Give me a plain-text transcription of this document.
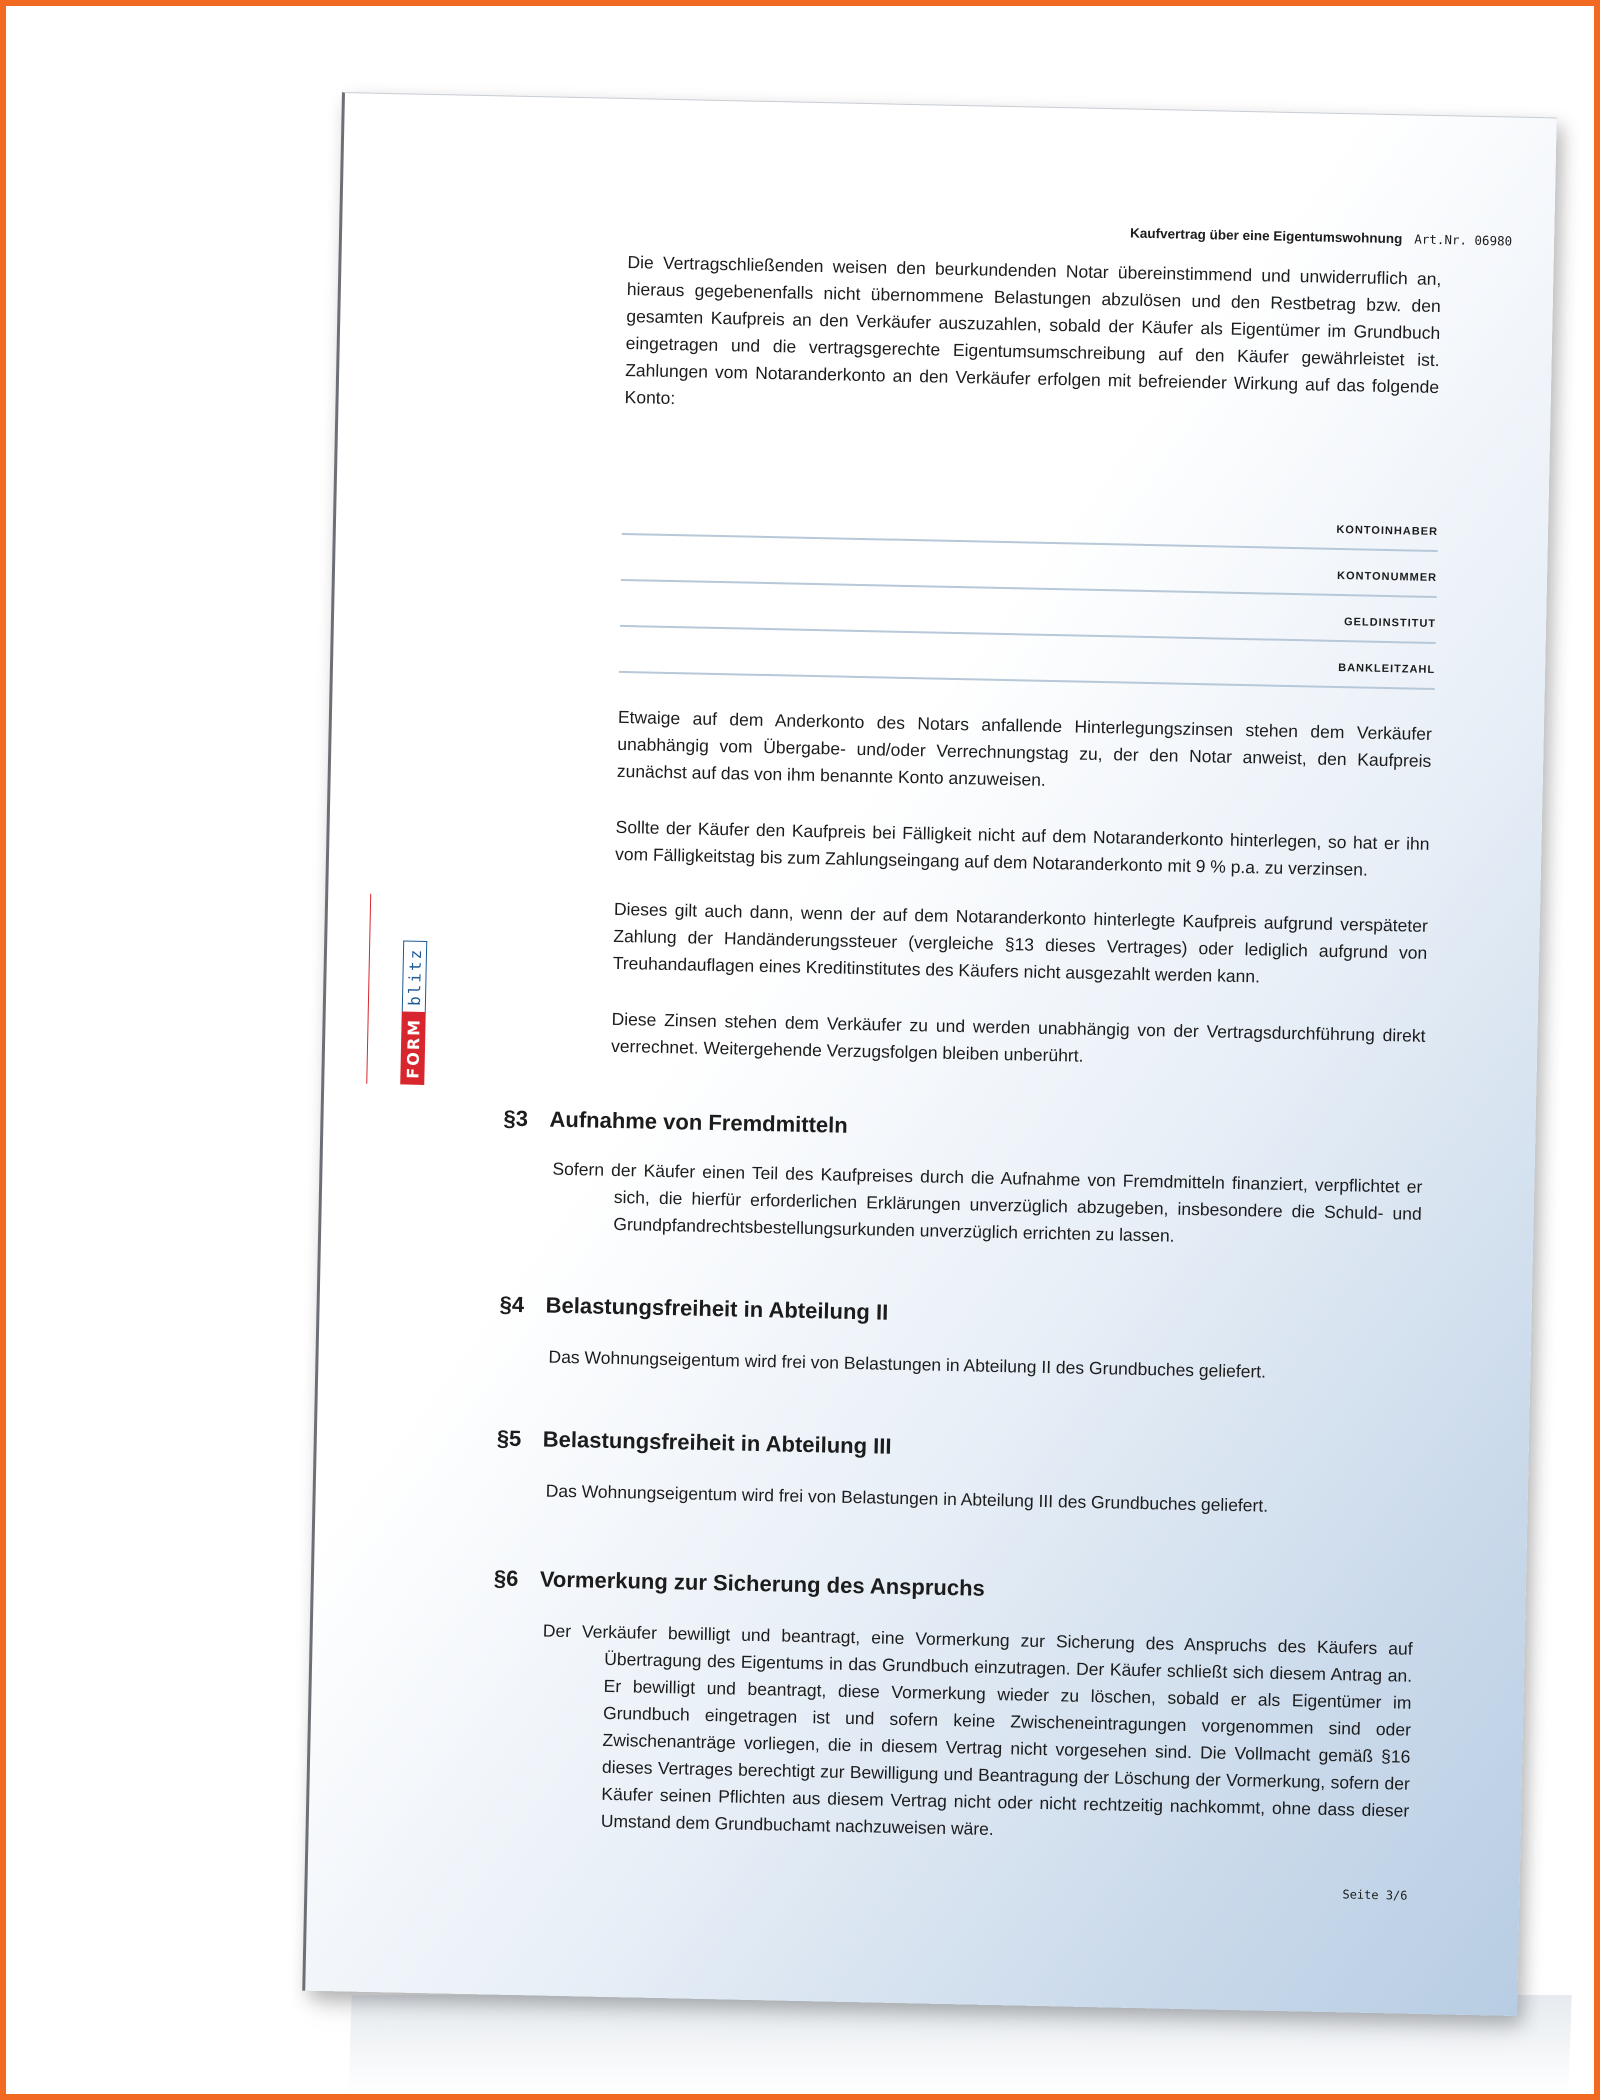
Kaufvertrag über eine Eigentumswohnung Art.Nr. 06980
Die Vertragschließenden weisen den beurkundenden Notar übereinstimmend und unwiderruflich an, hieraus gegebenenfalls nicht übernommene Belastungen abzulösen und den Restbetrag bzw. den gesamten Kaufpreis an den Verkäufer auszuzahlen, sobald der Käufer als Eigentümer im Grundbuch eingetragen und die vertragsgerechte Eigentumsumschreibung auf den Käufer gewährleistet ist. Zahlungen vom Notaranderkonto an den Verkäufer erfolgen mit befreiender Wirkung auf das folgende Konto:
KONTOINHABER
KONTONUMMER
GELDINSTITUT
BANKLEITZAHL
Etwaige auf dem Anderkonto des Notars anfallende Hinterlegungszinsen stehen dem Verkäufer unabhängig vom Übergabe- und/oder Verrechnungstag zu, der den Notar anweist, den Kaufpreis zunächst auf das von ihm benannte Konto anzuweisen.
Sollte der Käufer den Kaufpreis bei Fälligkeit nicht auf dem Notaranderkonto hinterlegen, so hat er ihn vom Fälligkeitstag bis zum Zahlungseingang auf dem Notaranderkonto mit 9 % p.a. zu verzinsen.
Dieses gilt auch dann, wenn der auf dem Notaranderkonto hinterlegte Kaufpreis aufgrund verspäteter Zahlung der Handänderungssteuer (vergleiche §13 dieses Vertrages) oder lediglich aufgrund von Treuhandauflagen eines Kreditinstitutes des Käufers nicht ausgezahlt werden kann.
Diese Zinsen stehen dem Verkäufer zu und werden unabhängig von der Vertragsdurchführung direkt verrechnet. Weitergehende Verzugsfolgen bleiben unberührt.
§3 Aufnahme von Fremdmitteln
Sofern der Käufer einen Teil des Kaufpreises durch die Aufnahme von Fremdmitteln finanziert, verpflichtet er sich, die hierfür erforderlichen Erklärungen unverzüglich abzugeben, insbesondere die Schuld- und Grundpfandrechtsbestellungsurkunden unverzüglich errichten zu lassen.
§4 Belastungsfreiheit in Abteilung II
Das Wohnungseigentum wird frei von Belastungen in Abteilung II des Grundbuches geliefert.
§5 Belastungsfreiheit in Abteilung III
Das Wohnungseigentum wird frei von Belastungen in Abteilung III des Grundbuches geliefert.
§6 Vormerkung zur Sicherung des Anspruchs
Der Verkäufer bewilligt und beantragt, eine Vormerkung zur Sicherung des Anspruchs des Käufers auf Übertragung des Eigentums in das Grundbuch einzutragen. Der Käufer schließt sich diesem Antrag an. Er bewilligt und beantragt, diese Vormerkung wieder zu löschen, sobald er als Eigentümer im Grundbuch eingetragen ist und sofern keine Zwischeneintragungen vorgenommen sind oder Zwischenanträge vorliegen, die in diesem Vertrag nicht vorgesehen sind. Die Vollmacht gemäß §16 dieses Vertrages berechtigt zur Bewilligung und Beantragung der Löschung der Vormerkung, sofern der Käufer seinen Pflichten aus diesem Vertrag nicht oder nicht rechtzeitig nachkommt, ohne dass dieser Umstand dem Grundbuchamt nachzuweisen wäre.
Seite 3/6
FORM
blitz
